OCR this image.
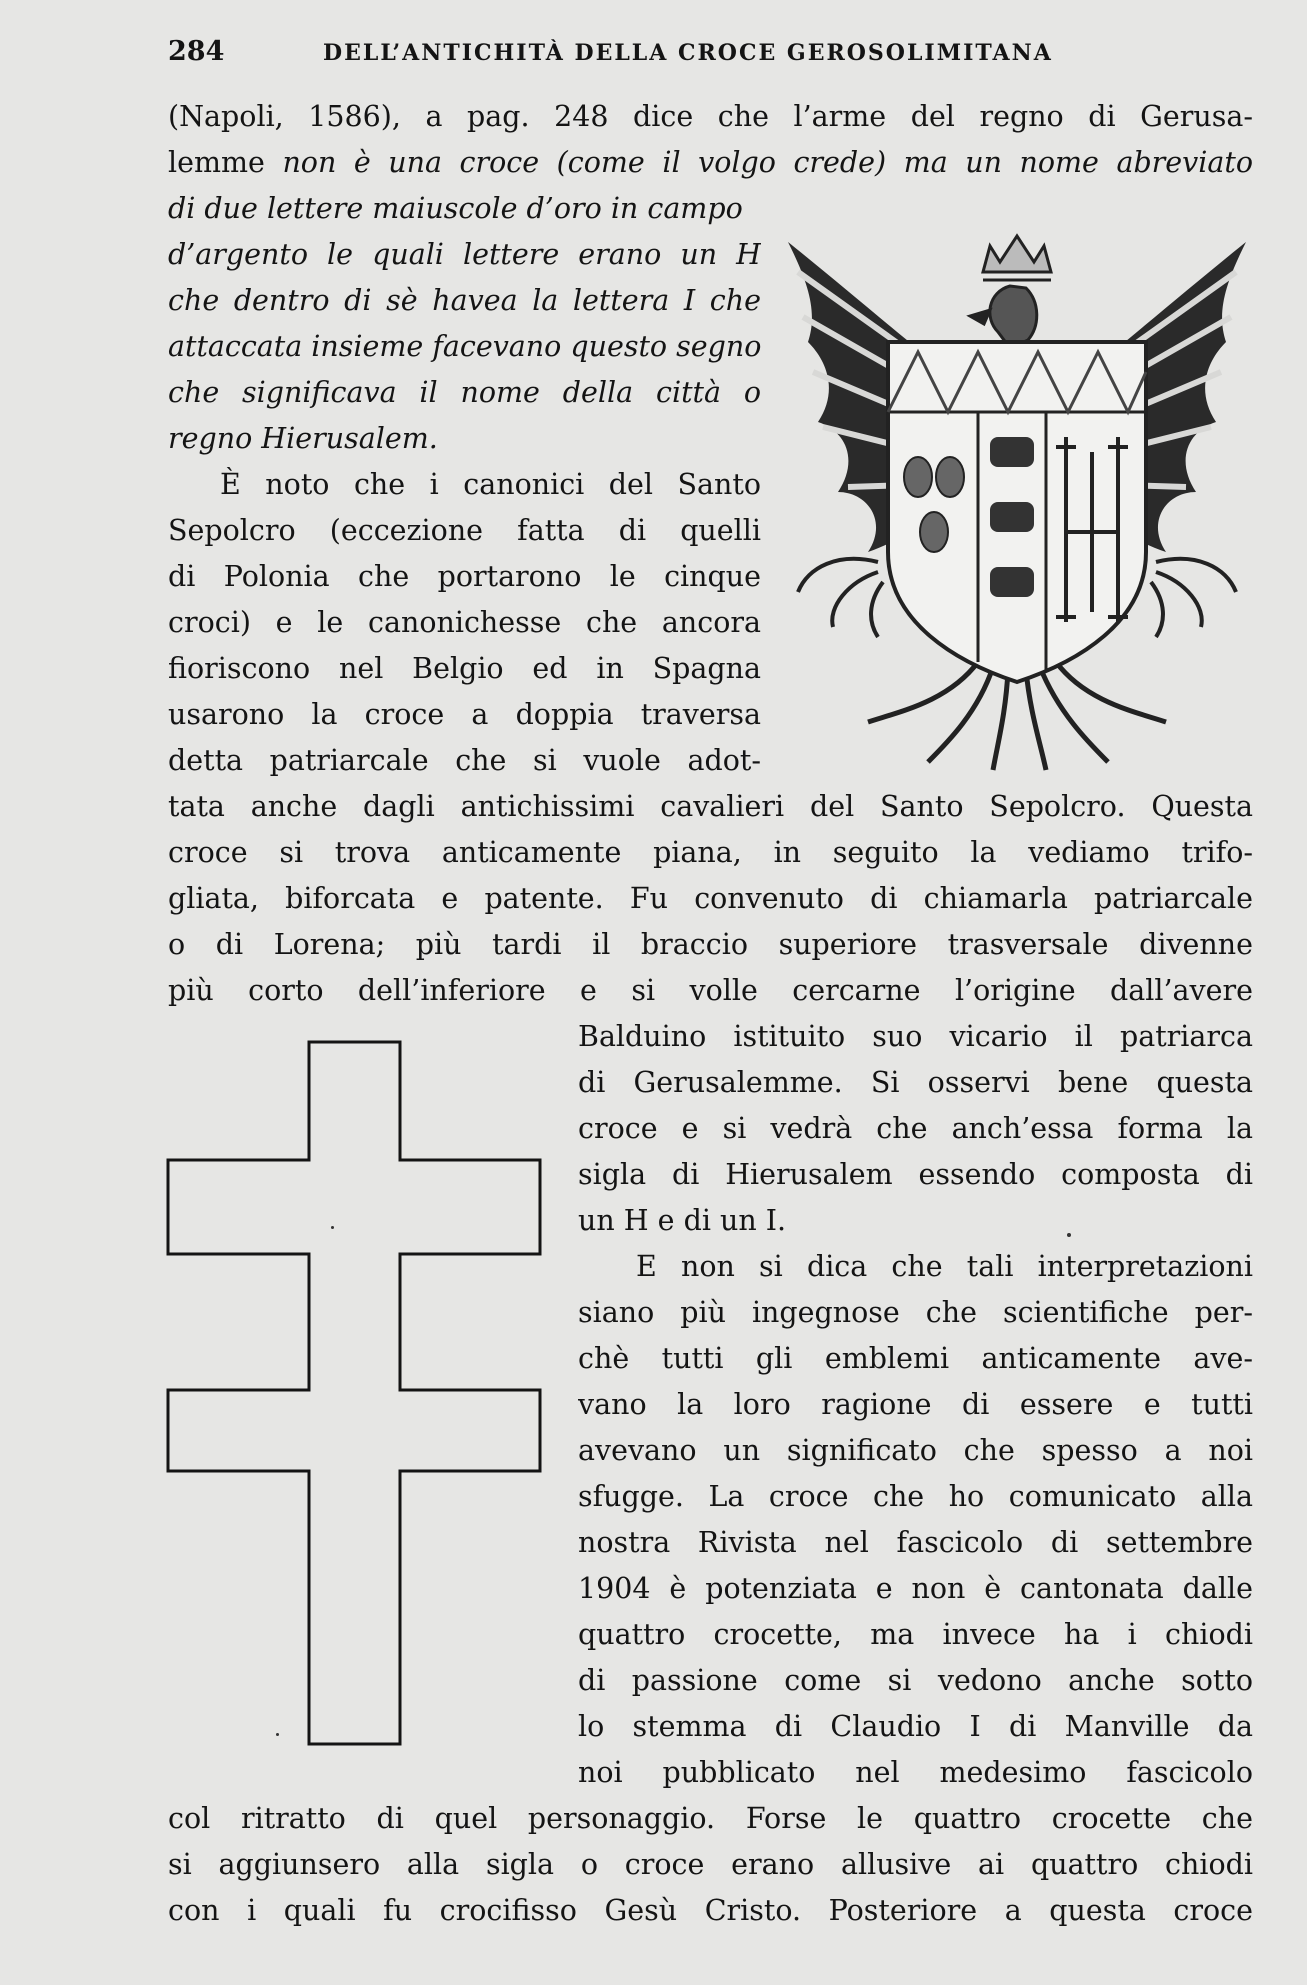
284	DELL’ANTICHITÀ DELLA CROCE GEROSOLIMITANA
(Napoli, 1586), a pag. 248 dice che l’arme del regno di Gerusa-
lemme non è una croce (come il volgo crede) ma un nome abreviato
di due lettere maiuscole d’oro in campo
d’argento le quali lettere erano un H
che dentro di sè havea la lettera I che
attaccata insieme facevano questo segno
che significava il nome della città o
regno Hierusalem.
È noto che i canonici del Santo
Sepolcro (eccezione fatta di quelli
di Polonia che portarono le cinque
croci) e le canonichesse che ancora
fioriscono nel Belgio ed in Spagna
usarono la croce a doppia traversa
detta patriarcale che si vuole adot-
tata anche dagli antichissimi cavalieri del Santo Sepolcro. Questa
croce si trova anticamente piana, in seguito la vediamo trifo-
gliata, biforcata e patente. Fu convenuto di chiamarla patriarcale
o di Lorena; più tardi il braccio superiore trasversale divenne
più corto dell’inferiore e si volle cercarne l’origine dall’avere
Balduino istituito suo vicario il patriarca
di Gerusalemme. Si osservi bene questa
croce e si vedrà che anch’essa forma la
sigla di Hierusalem essendo composta di
un H e di un I.
E non si dica che tali interpretazioni
siano più ingegnose che scientifiche per-
chè tutti gli emblemi anticamente ave-
vano la loro ragione di essere e tutti
avevano un significato che spesso a noi
sfugge. La croce che ho comunicato alla
nostra Rivista nel fascicolo di settembre
1904 è potenziata e non è cantonata dalle
quattro crocette, ma invece ha i chiodi
di passione come si vedono anche sotto
lo stemma di Claudio I di Manville da
noi pubblicato nel medesimo fascicolo
col ritratto di quel personaggio. Forse le quattro crocette che
si aggiunsero alla sigla o croce erano allusive ai quattro chiodi
con i quali fu crocifisso Gesù Cristo. Posteriore a questa croce
